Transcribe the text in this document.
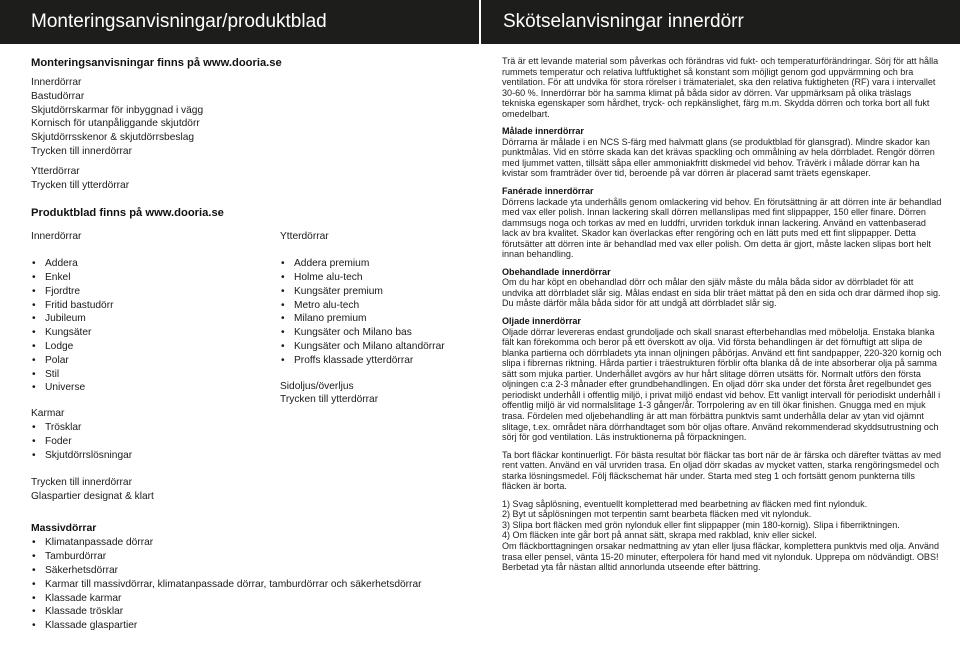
Monteringsanvisningar/produktblad	Skötselanvisningar innerdörr
Monteringsanvisningar finns på www.dooria.se
Innerdörrar
Bastudörrar
Skjutdörrskarmar för inbyggnad i vägg
Kornisch för utanpåliggande skjutdörr
Skjutdörrsskenor & skjutdörrsbeslag
Trycken till innerdörrar
Ytterdörrar
Trycken till ytterdörrar
Produktblad finns på www.dooria.se
Innerdörrar
• Addera
• Enkel
• Fjordtre
• Fritid bastudörr
• Jubileum
• Kungsäter
• Lodge
• Polar
• Stil
• Universe
Karmar
• Trösklar
• Foder
• Skjutdörrslösningar
Trycken till innerdörrar
Glaspartier designat & klart
Ytterdörrar
• Addera premium
• Holme alu-tech
• Kungsäter premium
• Metro alu-tech
• Milano premium
• Kungsäter och Milano bas
• Kungsäter och Milano altandörrar
• Proffs klassade ytterdörrar
Sidoljus/överljus
Trycken till ytterdörrar
Massivdörrar
• Klimatanpassade dörrar
• Tamburdörrar
• Säkerhetsdörrar
• Karmar till massivdörrar, klimatanpassade dörrar, tamburdörrar och säkerhetsdörrar
• Klassade karmar
• Klassade trösklar
• Klassade glaspartier

Trä är ett levande material som påverkas och förändras vid fukt- och temperaturförändringar. Sörj för att hålla rummets temperatur och relativa luftfuktighet så konstant som möjligt genom god uppvärmning och bra ventilation. För att undvika för stora rörelser i trämaterialet, ska den relativa fuktigheten (RF) vara i intervallet 30-60 %. Innerdörrar bör ha samma klimat på båda sidor av dörren. Var uppmärksam på olika träslags tekniska egenskaper som hårdhet, tryck- och repkänslighet, färg m.m. Skydda dörren och torka bort all fukt omedelbart.

Målade innerdörrar

Dörrarna är målade i en NCS S-färg med halvmatt glans (se produktblad för glansgrad). Mindre skador kan punktmålas. Vid en större skada kan det krävas spackling och ommålning av hela dörrbladet. Rengör dörren med ljummet vatten, tillsätt såpa eller ammoniakfritt diskmedel vid behov. Trävërk i målade dörrar kan ha kvistar som framträder över tid, beroende på var dörren är placerad samt träets egenskaper.

Fanérade innerdörrar

Dörrens lackade yta underhålls genom omlackering vid behov. En förutsättning är att dörren inte är behandlad med vax eller polish. Innan lackering skall dörren mellanslipas med fint slippapper, 150 eller finare. Dörren dammsugs noga och torkas av med en luddfri, urvriden torkduk innan lackering. Använd en vattenbaserad lack av bra kvalitet. Skador kan överlackas efter rengöring och en lätt puts med ett fint slippapper. Detta förutsätter att dörren inte är behandlad med vax eller polish. Om detta är gjort, måste lacken slipas bort helt innan behandling.

Obehandlade innerdörrar

Om du har köpt en obehandlad dörr och målar den själv måste du måla båda sidor av dörrbladet för att undvika att dörrbladet slår sig. Målas endast en sida blir träet mättat på den en sida och drar därmed ihop sig. Du måste därför måla båda sidor för att undgå att dörrbladet slår sig.

Oljade innerdörrar

Oljade dörrar levereras endast grundoljade och skall snarast efterbehandlas med möbelolja. Enstaka blanka fält kan förekomma och beror på ett överskott av olja. Vid första behandlingen är det förnuftigt att slipa de blanka partierna och dörrbladets yta innan oljningen påbörjas. Använd ett fint sandpapper, 220-320 kornig och slipa i fibrernas riktning. Hårda partier i träestrukturen förblir ofta blanka då de inte absorberar olja på samma sätt som mjuka partier. Underhållet avgörs av hur hårt slitage dörren utsätts för. Normalt utförs den första oljningen c:a 2-3 månader efter grundbehandlingen. En oljad dörr ska under det första året regelbundet ges periodiskt underhåll i offentlig miljö, i privat miljö endast vid behov. Ett vanligt intervall för periodiskt underhåll i offentlig miljö är vid normalslitage 1-3 gånger/år. Torrpolering av en till ökar finishen. Gnugga med en mjuk trasa. Fördelen med oljebehandling är att man förbättra punktvis samt underhålla delar av ytan vid ojämnt slitage, t.ex. området nära dörrhandtaget som bör oljas oftare. Använd rekommenderad skyddsutrustning och sörj för god ventilation. Läs instruktionerna på förpackningen.

Ta bort fläckar kontinuerligt. För bästa resultat bör fläckar tas bort när de är färska och därefter tvättas av med rent vatten. Använd en väl urvriden trasa. En oljad dörr skadas av mycket vatten, starka rengöringsmedel och starka lösningsmedel. Följ fläckschemat här under. Starta med steg 1 och fortsätt genom punkterna tills fläcken är borta.

1) Svag såplösning, eventuellt kompletterad med bearbetning av fläcken med fint nylonduk.
2) Byt ut såplösningen mot terpentin samt bearbeta fläcken med vit nylonduk.
3) Slipa bort fläcken med grön nylonduk eller fint slippapper (min 180-kornig). Slipa i fiberriktningen.
4) Om fläcken inte går bort på annat sätt, skrapa med rakblad, kniv eller sickel.

Om fläckborttagningen orsakar nedmattning av ytan eller ljusa fläckar, komplettera punktvis med olja. Använd trasa eller pensel, vänta 15-20 minuter, efterpolera för hand med vit nylonduk. Upprepa om nödvändigt. OBS! Berbetad yta får nästan alltid annorlunda utseende efter bättring.
